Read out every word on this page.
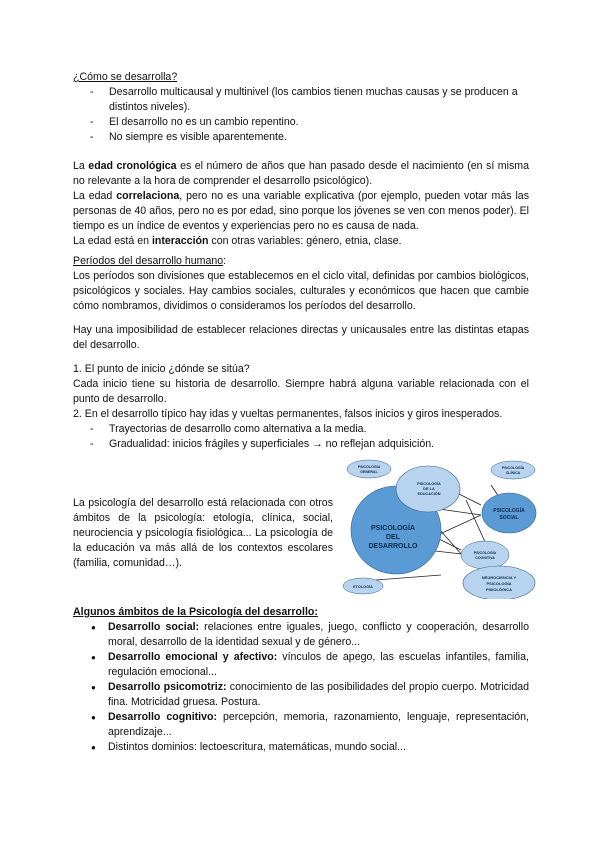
¿Cómo se desarrolla?

- Desarrollo multicausal y multinivel (los cambios tienen muchas causas y se producen a distintos niveles).
- El desarrollo no es un cambio repentino.
- No siempre es visible aparentemente.

La edad cronológica es el número de años que han pasado desde el nacimiento (en sí misma no relevante a la hora de comprender el desarrollo psicológico).

La edad correlaciona, pero no es una variable explicativa (por ejemplo, pueden votar más las personas de 40 años, pero no es por edad, sino porque los jóvenes se ven con menos poder). El tiempo es un índice de eventos y experiencias pero no es causa de nada.

La edad está en interacción con otras variables: género, etnia, clase.

Períodos del desarrollo humano:

Los períodos son divisiones que establecemos en el ciclo vital, definidas por cambios biológicos, psicológicos y sociales. Hay cambios sociales, culturales y económicos que hacen que cambie cómo nombramos, dividimos o consideramos los períodos del desarrollo.

Hay una imposibilidad de establecer relaciones directas y unicausales entre las distintas etapas del desarrollo.

1. El punto de inicio ¿dónde se sitúa?

Cada inicio tiene su historia de desarrollo. Siempre habrá alguna variable relacionada con el punto de desarrollo.

2. En el desarrollo típico hay idas y vueltas permanentes, falsos inicios y giros inesperados.

- Trayectorias de desarrollo como alternativa a la media.
- Gradualidad: inicios frágiles y superficiales → no reflejan adquisición.

La psicología del desarrollo está relacionada con otros ámbitos de la psicología: etología, clínica, social, neurociencia y psicología fisiológica... La psicología de la educación va más allá de los contextos escolares (familia, comunidad…).

PSICOLOGÍA
GENERAL
PSICOLOGÍA
DEL
DESARROLLO
PSICOLOGÍA
DE LA
EDUCACIÓN
PSICOLOGÍA
CLÍNICA
PSICOLOGÍA
SOCIAL
PSICOLOGÍA
COGNITIVA
NEUROCIENCIA Y
PSICOLOGÍA
FISIOLÓGICA
ETOLOGÍA

Algunos ámbitos de la Psicología del desarrollo:

● Desarrollo social: relaciones entre iguales, juego, conflicto y cooperación, desarrollo moral, desarrollo de la identidad sexual y de género...
● Desarrollo emocional y afectivo: vínculos de apego, las escuelas infantiles, familia, regulación emocional...
● Desarrollo psicomotriz: conocimiento de las posibilidades del propio cuerpo. Motricidad fina. Motricidad gruesa. Postura.
● Desarrollo cognitivo: percepción, memoria, razonamiento, lenguaje, representación, aprendizaje...
● Distintos dominios: lectoescritura, matemáticas, mundo social...
